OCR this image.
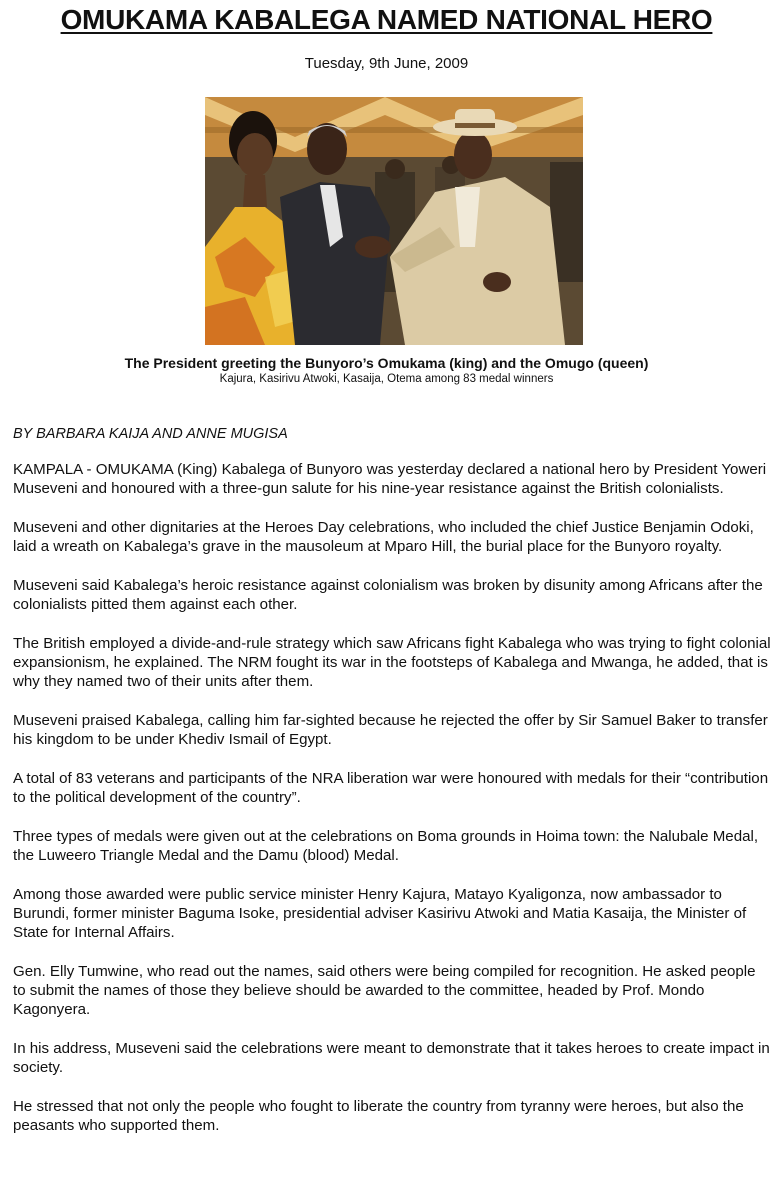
OMUKAMA KABALEGA NAMED NATIONAL HERO
Tuesday, 9th June, 2009
The President greeting the Bunyoro’s Omukama (king) and the Omugo (queen)
Kajura, Kasirivu Atwoki, Kasaija, Otema among 83 medal winners
BY BARBARA KAIJA AND ANNE MUGISA

KAMPALA - OMUKAMA (King) Kabalega of Bunyoro was yesterday declared a national hero by President Yoweri Museveni and honoured with a three-gun salute for his nine-year resistance against the British colonialists.

Museveni and other dignitaries at the Heroes Day celebrations, who included the chief Justice Benjamin Odoki, laid a wreath on Kabalega’s grave in the mausoleum at Mparo Hill, the burial place for the Bunyoro royalty.

Museveni said Kabalega’s heroic resistance against colonialism was broken by disunity among Africans after the colonialists pitted them against each other.

The British employed a divide-and-rule strategy which saw Africans fight Kabalega who was trying to fight colonial expansionism, he explained. The NRM fought its war in the footsteps of Kabalega and Mwanga, he added, that is why they named two of their units after them.

Museveni praised Kabalega, calling him far-sighted because he rejected the offer by Sir Samuel Baker to transfer his kingdom to be under Khediv Ismail of Egypt.

A total of 83 veterans and participants of the NRA liberation war were honoured with medals for their “contribution to the political development of the country”.

Three types of medals were given out at the celebrations on Boma grounds in Hoima town: the Nalubale Medal, the Luweero Triangle Medal and the Damu (blood) Medal.

Among those awarded were public service minister Henry Kajura, Matayo Kyaligonza, now ambassador to Burundi, former minister Baguma Isoke, presidential adviser Kasirivu Atwoki and Matia Kasaija, the Minister of State for Internal Affairs.

Gen. Elly Tumwine, who read out the names, said others were being compiled for recognition. He asked people to submit the names of those they believe should be awarded to the committee, headed by Prof. Mondo Kagonyera.

In his address, Museveni said the celebrations were meant to demonstrate that it takes heroes to create impact in society.

He stressed that not only the people who fought to liberate the country from tyranny were heroes, but also the peasants who supported them.
